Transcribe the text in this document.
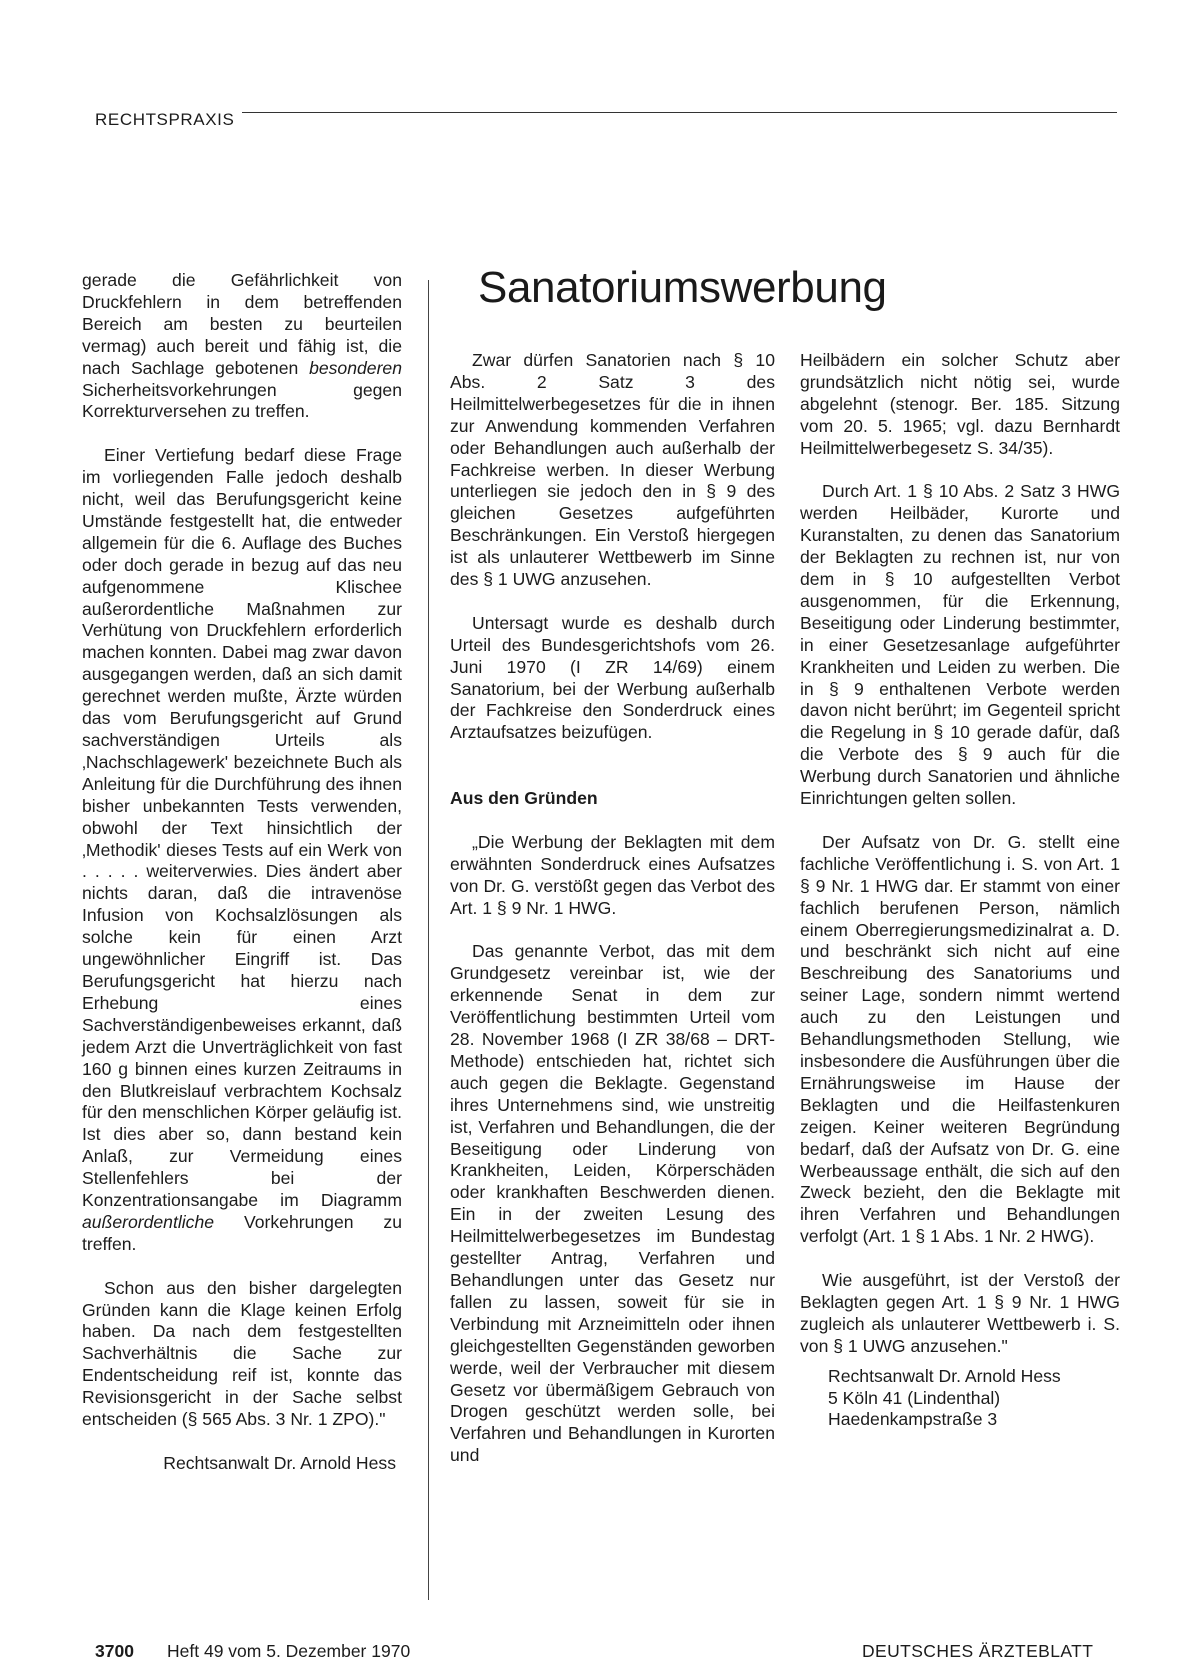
RECHTSPRAXIS

gerade die Gefährlichkeit von Druckfehlern in dem betreffenden Bereich am besten zu beurteilen vermag) auch bereit und fähig ist, die nach Sachlage gebotenen besonderen Sicherheitsvorkehrungen gegen Korrekturversehen zu treffen.

Einer Vertiefung bedarf diese Frage im vorliegenden Falle jedoch deshalb nicht, weil das Berufungsgericht keine Umstände festgestellt hat, die entweder allgemein für die 6. Auflage des Buches oder doch gerade in bezug auf das neu aufgenommene Klischee außerordentliche Maßnahmen zur Verhütung von Druckfehlern erforderlich machen konnten. Dabei mag zwar davon ausgegangen werden, daß an sich damit gerechnet werden mußte, Ärzte würden das vom Berufungsgericht auf Grund sachverständigen Urteils als ‚Nachschlagewerk' bezeichnete Buch als Anleitung für die Durchführung des ihnen bisher unbekannten Tests verwenden, obwohl der Text hinsichtlich der ‚Methodik' dieses Tests auf ein Werk von . . . . . weiterverwies. Dies ändert aber nichts daran, daß die intravenöse Infusion von Kochsalzlösungen als solche kein für einen Arzt ungewöhnlicher Eingriff ist. Das Berufungsgericht hat hierzu nach Erhebung eines Sachverständigenbeweises erkannt, daß jedem Arzt die Unverträglichkeit von fast 160 g binnen eines kurzen Zeitraums in den Blutkreislauf verbrachtem Kochsalz für den menschlichen Körper geläufig ist. Ist dies aber so, dann bestand kein Anlaß, zur Vermeidung eines Stellenfehlers bei der Konzentrationsangabe im Diagramm außerordentliche Vorkehrungen zu treffen.

Schon aus den bisher dargelegten Gründen kann die Klage keinen Erfolg haben. Da nach dem festgestellten Sachverhältnis die Sache zur Endentscheidung reif ist, konnte das Revisionsgericht in der Sache selbst entscheiden (§ 565 Abs. 3 Nr. 1 ZPO)."

Rechtsanwalt Dr. Arnold Hess

Sanatoriumswerbung

Zwar dürfen Sanatorien nach § 10 Abs. 2 Satz 3 des Heilmittelwerbegesetzes für die in ihnen zur Anwendung kommenden Verfahren oder Behandlungen auch außerhalb der Fachkreise werben. In dieser Werbung unterliegen sie jedoch den in § 9 des gleichen Gesetzes aufgeführten Beschränkungen. Ein Verstoß hiergegen ist als unlauterer Wettbewerb im Sinne des § 1 UWG anzusehen.

Untersagt wurde es deshalb durch Urteil des Bundesgerichtshofs vom 26. Juni 1970 (I ZR 14/69) einem Sanatorium, bei der Werbung außerhalb der Fachkreise den Sonderdruck eines Arztaufsatzes beizufügen.

Aus den Gründen

„Die Werbung der Beklagten mit dem erwähnten Sonderdruck eines Aufsatzes von Dr. G. verstößt gegen das Verbot des Art. 1 § 9 Nr. 1 HWG.

Das genannte Verbot, das mit dem Grundgesetz vereinbar ist, wie der erkennende Senat in dem zur Veröffentlichung bestimmten Urteil vom 28. November 1968 (I ZR 38/68 – DRT-Methode) entschieden hat, richtet sich auch gegen die Beklagte. Gegenstand ihres Unternehmens sind, wie unstreitig ist, Verfahren und Behandlungen, die der Beseitigung oder Linderung von Krankheiten, Leiden, Körperschäden oder krankhaften Beschwerden dienen. Ein in der zweiten Lesung des Heilmittelwerbegesetzes im Bundestag gestellter Antrag, Verfahren und Behandlungen unter das Gesetz nur fallen zu lassen, soweit für sie in Verbindung mit Arzneimitteln oder ihnen gleichgestellten Gegenständen geworben werde, weil der Verbraucher mit diesem Gesetz vor übermäßigem Gebrauch von Drogen geschützt werden solle, bei Verfahren und Behandlungen in Kurorten und

Heilbädern ein solcher Schutz aber grundsätzlich nicht nötig sei, wurde abgelehnt (stenogr. Ber. 185. Sitzung vom 20. 5. 1965; vgl. dazu Bernhardt Heilmittelwerbegesetz S. 34/35).

Durch Art. 1 § 10 Abs. 2 Satz 3 HWG werden Heilbäder, Kurorte und Kuranstalten, zu denen das Sanatorium der Beklagten zu rechnen ist, nur von dem in § 10 aufgestellten Verbot ausgenommen, für die Erkennung, Beseitigung oder Linderung bestimmter, in einer Gesetzesanlage aufgeführter Krankheiten und Leiden zu werben. Die in § 9 enthaltenen Verbote werden davon nicht berührt; im Gegenteil spricht die Regelung in § 10 gerade dafür, daß die Verbote des § 9 auch für die Werbung durch Sanatorien und ähnliche Einrichtungen gelten sollen.

Der Aufsatz von Dr. G. stellt eine fachliche Veröffentlichung i. S. von Art. 1 § 9 Nr. 1 HWG dar. Er stammt von einer fachlich berufenen Person, nämlich einem Oberregierungsmedizinalrat a. D. und beschränkt sich nicht auf eine Beschreibung des Sanatoriums und seiner Lage, sondern nimmt wertend auch zu den Leistungen und Behandlungsmethoden Stellung, wie insbesondere die Ausführungen über die Ernährungsweise im Hause der Beklagten und die Heilfastenkuren zeigen. Keiner weiteren Begründung bedarf, daß der Aufsatz von Dr. G. eine Werbeaussage enthält, die sich auf den Zweck bezieht, den die Beklagte mit ihren Verfahren und Behandlungen verfolgt (Art. 1 § 1 Abs. 1 Nr. 2 HWG).

Wie ausgeführt, ist der Verstoß der Beklagten gegen Art. 1 § 9 Nr. 1 HWG zugleich als unlauterer Wettbewerb i. S. von § 1 UWG anzusehen."

Rechtsanwalt Dr. Arnold Hess

5 Köln 41 (Lindenthal)

Haedenkampstraße 3

3700 Heft 49 vom 5. Dezember 1970	DEUTSCHES ÄRZTEBLATT
